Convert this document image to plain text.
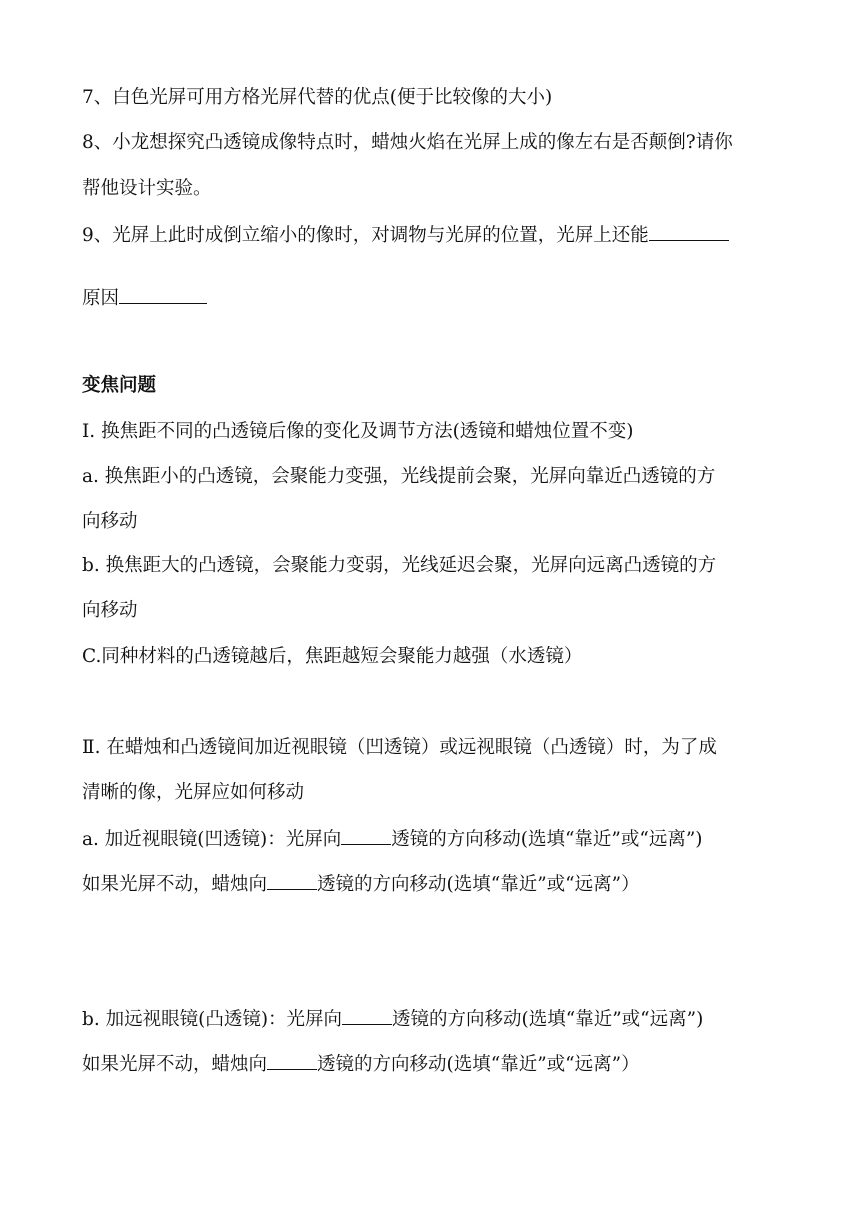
7、白色光屏可用方格光屏代替的优点(便于比较像的大小)
8、小龙想探究凸透镜成像特点时，蜡烛火焰在光屏上成的像左右是否颠倒?请你
帮他设计实验。
9、光屏上此时成倒立缩小的像时，对调物与光屏的位置，光屏上还能
原因
变焦问题
Ⅰ. 换焦距不同的凸透镜后像的变化及调节方法(透镜和蜡烛位置不变)
a. 换焦距小的凸透镜，会聚能力变强，光线提前会聚，光屏向靠近凸透镜的方
向移动
b. 换焦距大的凸透镜，会聚能力变弱，光线延迟会聚，光屏向远离凸透镜的方
向移动
C.同种材料的凸透镜越后，焦距越短会聚能力越强（水透镜）
Ⅱ. 在蜡烛和凸透镜间加近视眼镜（凹透镜）或远视眼镜（凸透镜）时，为了成
清晰的像，光屏应如何移动
a. 加近视眼镜(凹透镜)：光屏向	透镜的方向移动(选填“靠近”或“远离”)
如果光屏不动，蜡烛向	透镜的方向移动(选填“靠近”或“远离”）
b. 加远视眼镜(凸透镜)：光屏向	透镜的方向移动(选填“靠近”或“远离”)
如果光屏不动，蜡烛向	透镜的方向移动(选填“靠近”或“远离”）
